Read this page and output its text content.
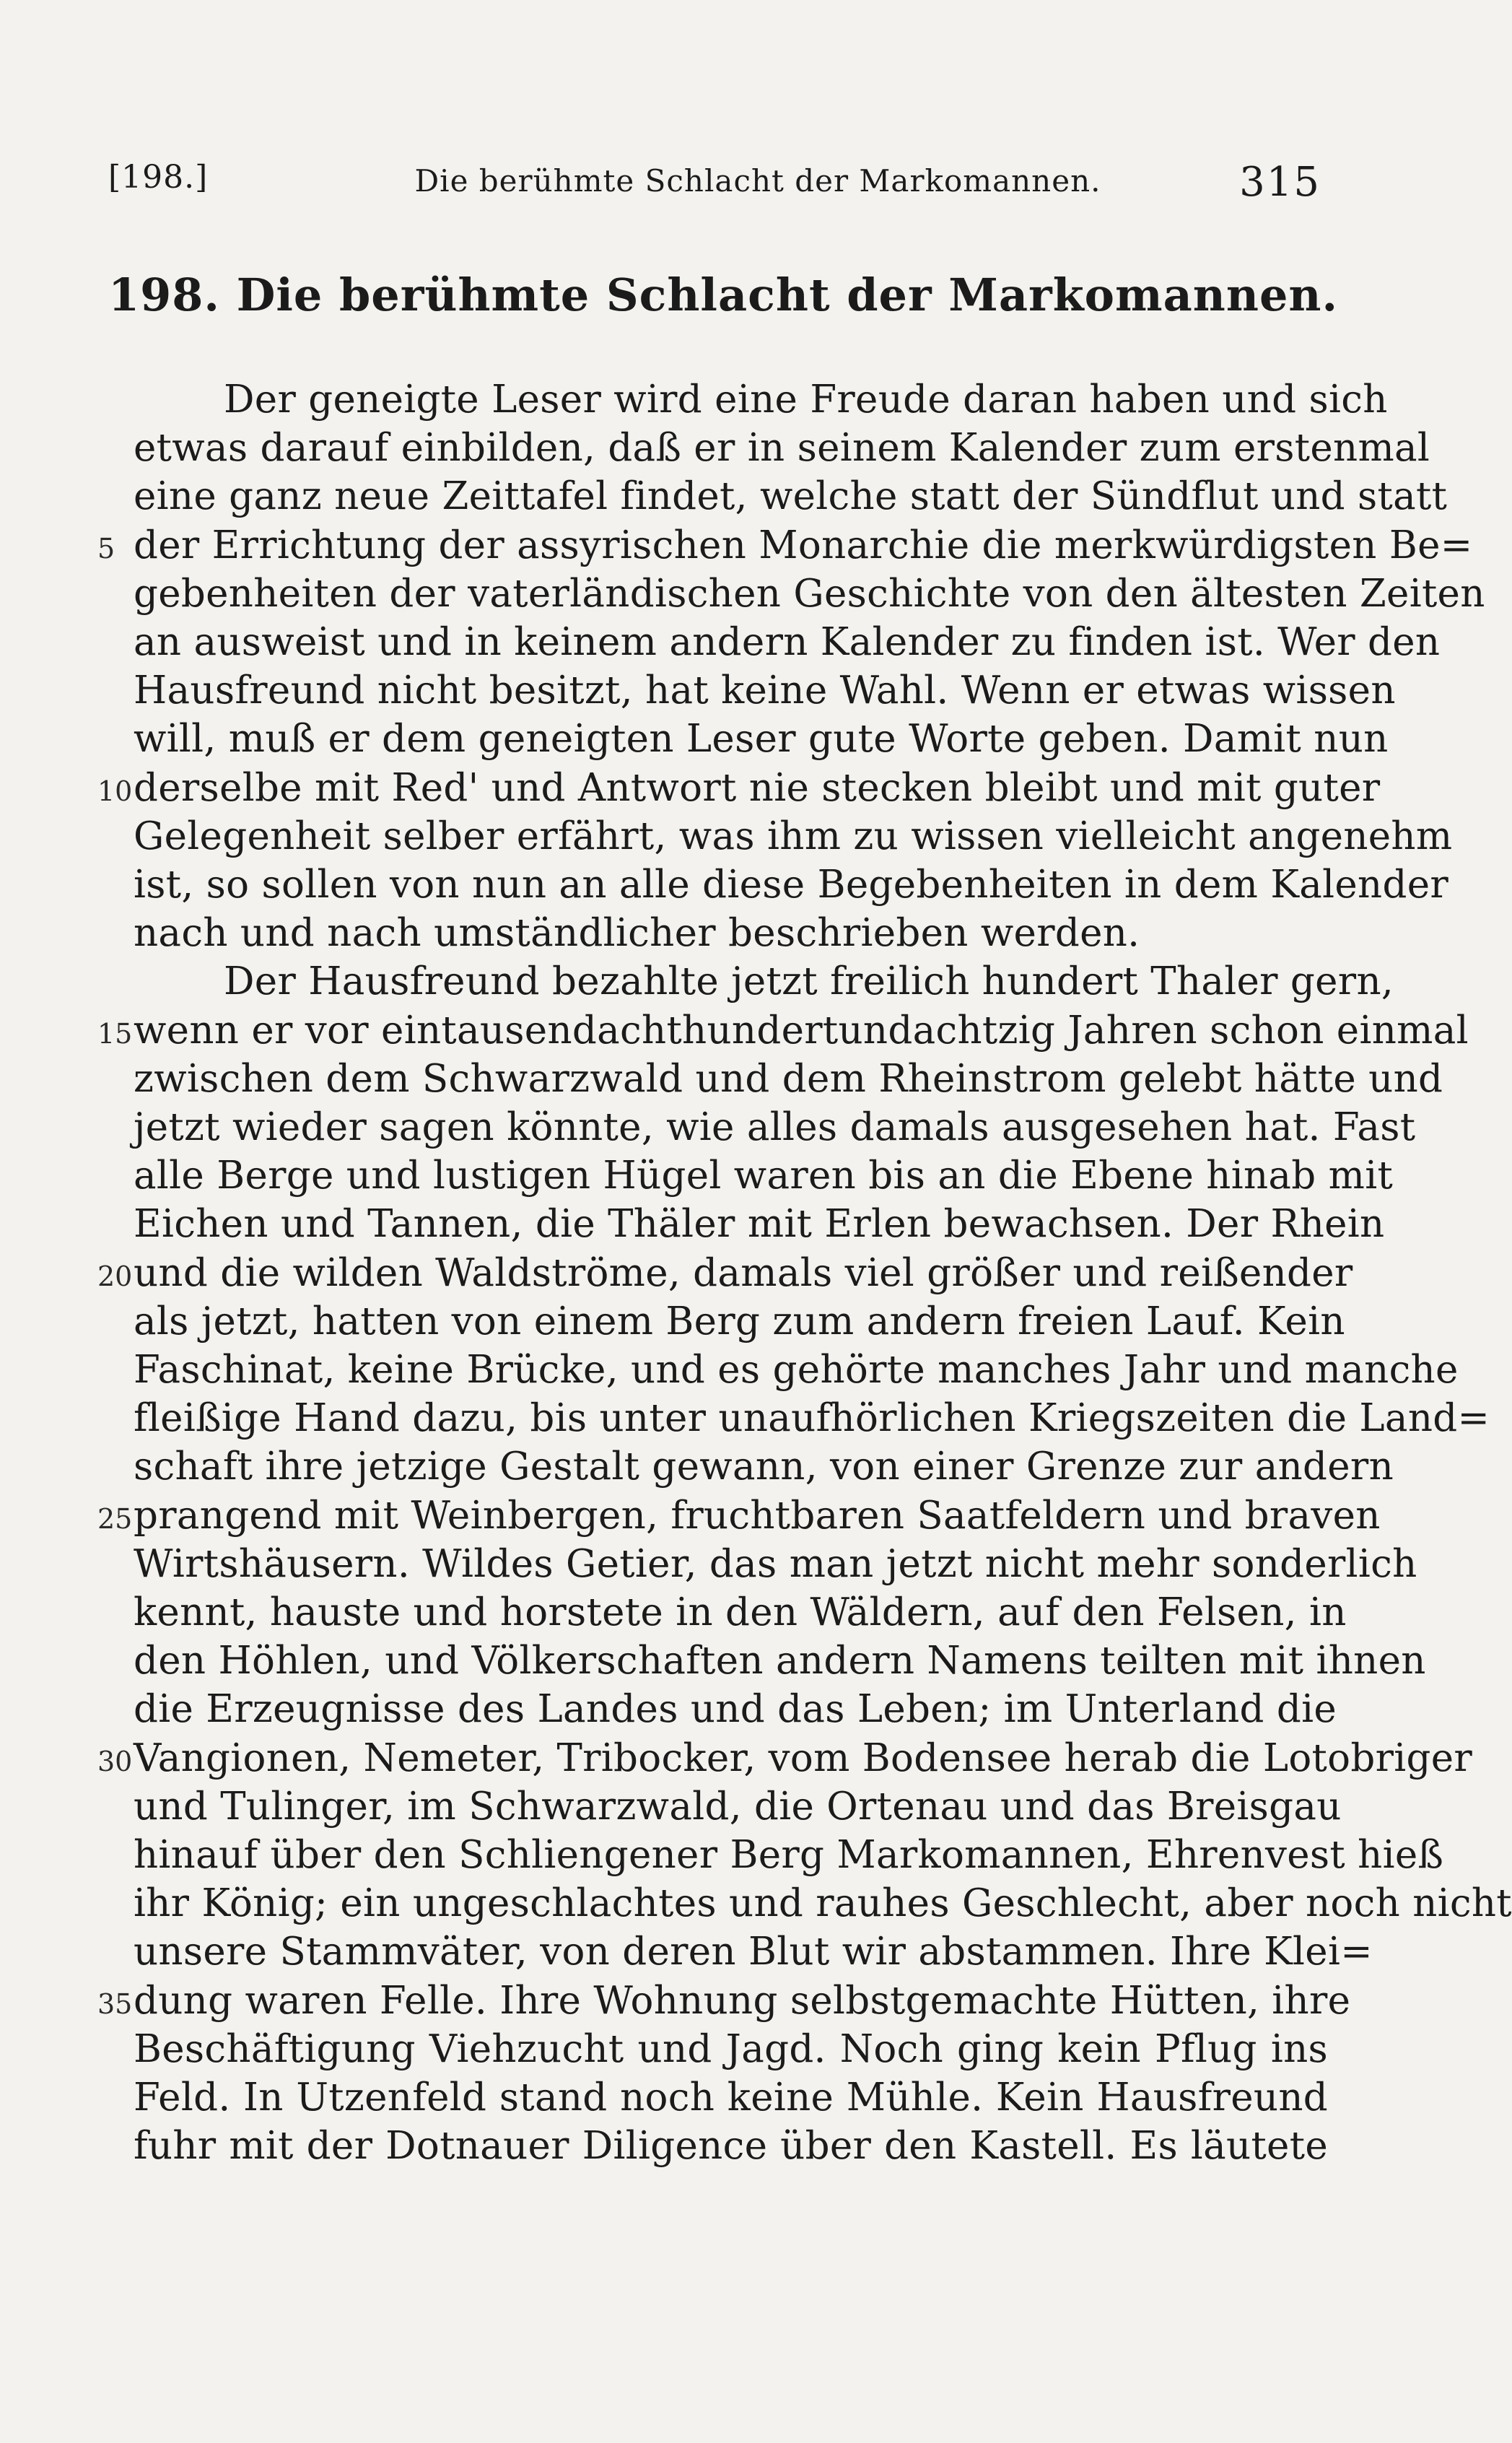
[198.]	Die berühmte Schlacht der Markomannen.	315
198. Die berühmte Schlacht der Markomannen.
Der geneigte Leser wird eine Freude daran haben und sich
etwas darauf einbilden, daß er in seinem Kalender zum erstenmal
eine ganz neue Zeittafel findet, welche statt der Sündflut und statt
5 der Errichtung der assyrischen Monarchie die merkwürdigsten Be=
gebenheiten der vaterländischen Geschichte von den ältesten Zeiten
an ausweist und in keinem andern Kalender zu finden ist. Wer den
Hausfreund nicht besitzt, hat keine Wahl. Wenn er etwas wissen
will, muß er dem geneigten Leser gute Worte geben. Damit nun
10 derselbe mit Red' und Antwort nie stecken bleibt und mit guter
Gelegenheit selber erfährt, was ihm zu wissen vielleicht angenehm
ist, so sollen von nun an alle diese Begebenheiten in dem Kalender
nach und nach umständlicher beschrieben werden.
Der Hausfreund bezahlte jetzt freilich hundert Thaler gern,
15 wenn er vor eintausendachthundertundachtzig Jahren schon einmal
zwischen dem Schwarzwald und dem Rheinstrom gelebt hätte und
jetzt wieder sagen könnte, wie alles damals ausgesehen hat. Fast
alle Berge und lustigen Hügel waren bis an die Ebene hinab mit
Eichen und Tannen, die Thäler mit Erlen bewachsen. Der Rhein
20 und die wilden Waldströme, damals viel größer und reißender
als jetzt, hatten von einem Berg zum andern freien Lauf. Kein
Faschinat, keine Brücke, und es gehörte manches Jahr und manche
fleißige Hand dazu, bis unter unaufhörlichen Kriegszeiten die Land=
schaft ihre jetzige Gestalt gewann, von einer Grenze zur andern
25 prangend mit Weinbergen, fruchtbaren Saatfeldern und braven
Wirtshäusern. Wildes Getier, das man jetzt nicht mehr sonderlich
kennt, hauste und horstete in den Wäldern, auf den Felsen, in
den Höhlen, und Völkerschaften andern Namens teilten mit ihnen
die Erzeugnisse des Landes und das Leben; im Unterland die
30 Vangionen, Nemeter, Tribocker, vom Bodensee herab die Lotobriger
und Tulinger, im Schwarzwald, die Ortenau und das Breisgau
hinauf über den Schliengener Berg Markomannen, Ehrenvest hieß
ihr König; ein ungeschlachtes und rauhes Geschlecht, aber noch nicht
unsere Stammväter, von deren Blut wir abstammen. Ihre Klei=
35 dung waren Felle. Ihre Wohnung selbstgemachte Hütten, ihre
Beschäftigung Viehzucht und Jagd. Noch ging kein Pflug ins
Feld. In Utzenfeld stand noch keine Mühle. Kein Hausfreund
fuhr mit der Dotnauer Diligence über den Kastell. Es läutete
